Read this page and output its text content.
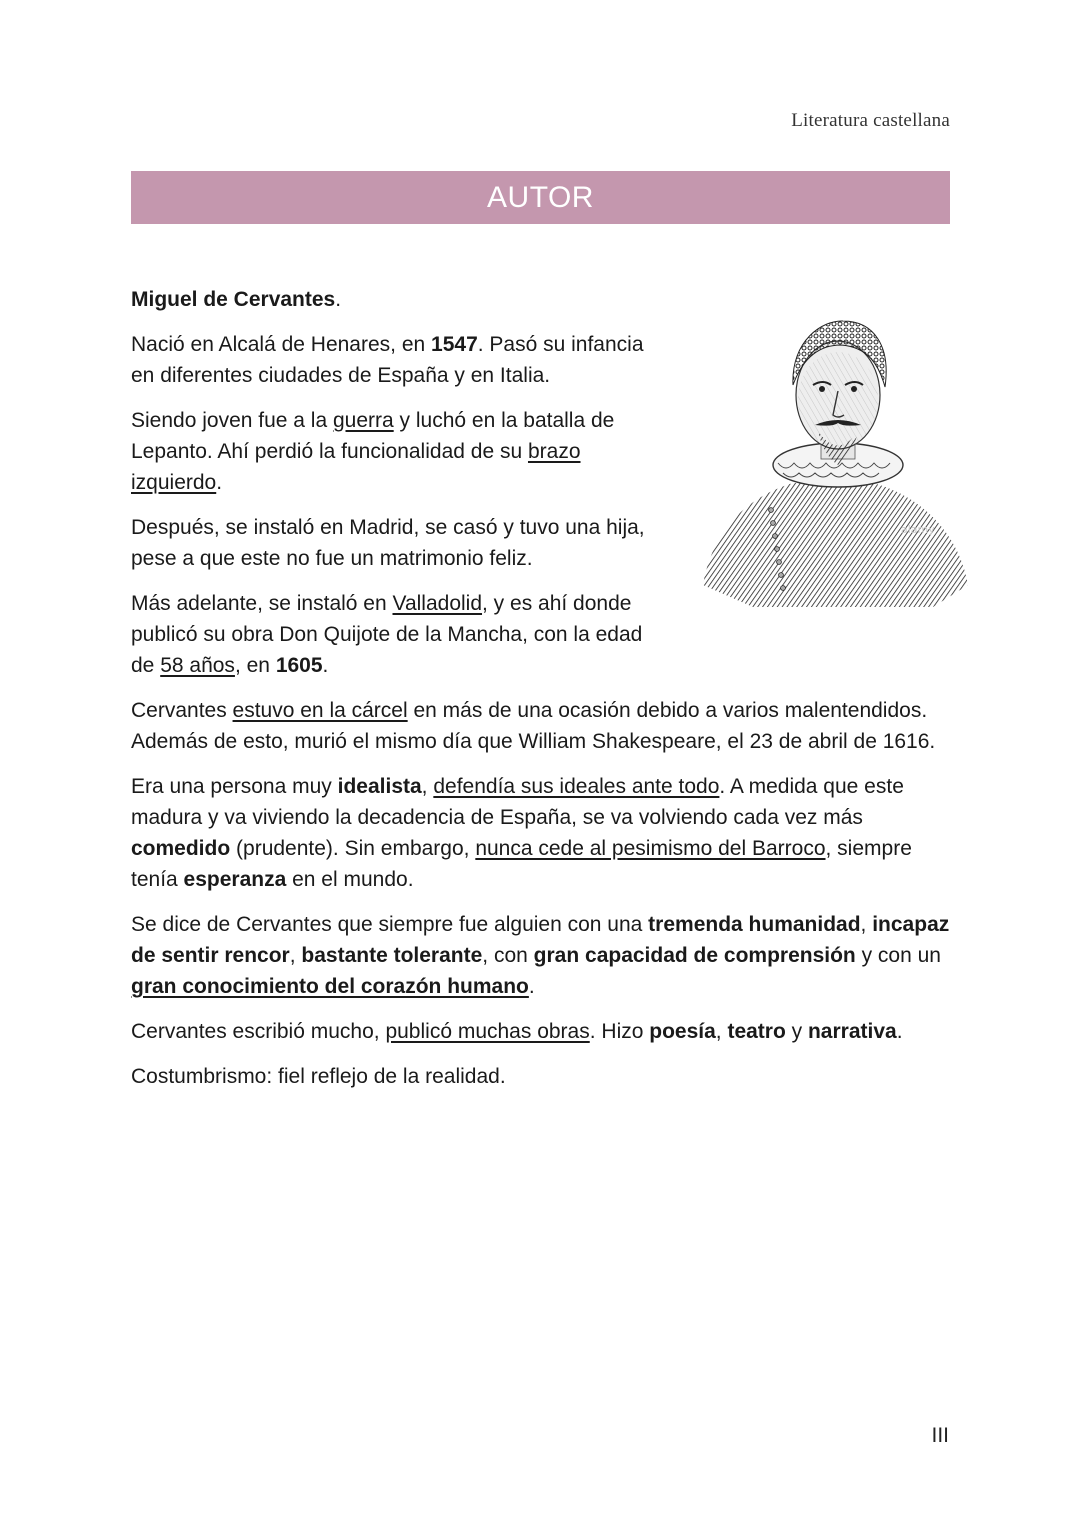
Literatura castellana
AUTOR
alamy

Miguel de Cervantes.

Nació en Alcalá de Henares, en 1547. Pasó su infancia en diferentes ciudades de España y en Italia.

Siendo joven fue a la guerra y luchó en la batalla de Lepanto. Ahí perdió la funcionalidad de su brazo izquierdo.

Después, se instaló en Madrid, se casó y tuvo una hija, pese a que este no fue un matrimonio feliz.

Más adelante, se instaló en Valladolid, y es ahí donde publicó su obra Don Quijote de la Mancha, con la edad de 58 años, en 1605.

Cervantes estuvo en la cárcel en más de una ocasión debido a varios malentendidos. Además de esto, murió el mismo día que William Shakespeare, el 23 de abril de 1616.

Era una persona muy idealista, defendía sus ideales ante todo. A medida que este madura y va viviendo la decadencia de España, se va volviendo cada vez más comedido (prudente). Sin embargo, nunca cede al pesimismo del Barroco, siempre tenía esperanza en el mundo.

Se dice de Cervantes que siempre fue alguien con una tremenda humanidad, incapaz de sentir rencor, bastante tolerante, con gran capacidad de comprensión y con un gran conocimiento del corazón humano.

Cervantes escribió mucho, publicó muchas obras. Hizo poesía, teatro y narrativa.

Costumbrismo: fiel reflejo de la realidad.

III
